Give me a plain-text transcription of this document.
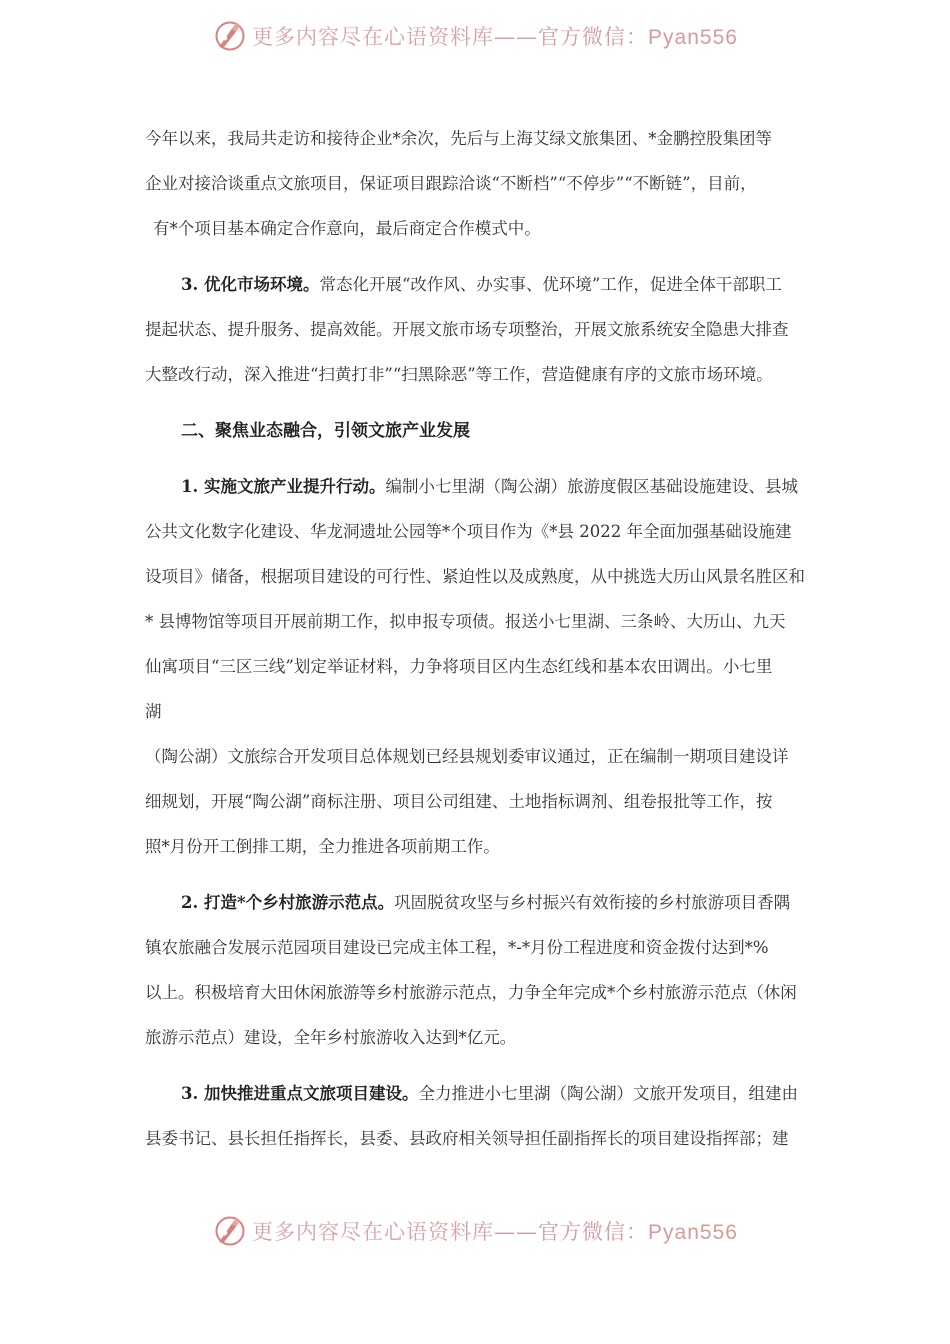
更多内容尽在心语资料库——官方微信：Pyan556
今年以来，我局共走访和接待企业*余次，先后与上海艾绿文旅集团、*金鹏控股集团等
企业对接洽谈重点文旅项目，保证项目跟踪洽谈“不断档”“不停步”“不断链”，目前，
有*个项目基本确定合作意向，最后商定合作模式中。
3. 优化市场环境。常态化开展“改作风、办实事、优环境”工作，促进全体干部职工
提起状态、提升服务、提高效能。开展文旅市场专项整治，开展文旅系统安全隐患大排查
大整改行动，深入推进“扫黄打非”“扫黑除恶”等工作，营造健康有序的文旅市场环境。
二、聚焦业态融合，引领文旅产业发展
1. 实施文旅产业提升行动。编制小七里湖（陶公湖）旅游度假区基础设施建设、县城
公共文化数字化建设、华龙洞遗址公园等*个项目作为《*县 2022 年全面加强基础设施建
设项目》储备，根据项目建设的可行性、紧迫性以及成熟度，从中挑选大历山风景名胜区和
* 县博物馆等项目开展前期工作，拟申报专项债。报送小七里湖、三条岭、大历山、九天
仙寓项目“三区三线”划定举证材料，力争将项目区内生态红线和基本农田调出。小七里
湖
（陶公湖）文旅综合开发项目总体规划已经县规划委审议通过，正在编制一期项目建设详
细规划，开展“陶公湖”商标注册、项目公司组建、土地指标调剂、组卷报批等工作，按
照*月份开工倒排工期，全力推进各项前期工作。
2. 打造*个乡村旅游示范点。巩固脱贫攻坚与乡村振兴有效衔接的乡村旅游项目香隅
镇农旅融合发展示范园项目建设已完成主体工程，*-*月份工程进度和资金拨付达到*%
以上。积极培育大田休闲旅游等乡村旅游示范点，力争全年完成*个乡村旅游示范点（休闲
旅游示范点）建设，全年乡村旅游收入达到*亿元。
3. 加快推进重点文旅项目建设。全力推进小七里湖（陶公湖）文旅开发项目，组建由
县委书记、县长担任指挥长，县委、县政府相关领导担任副指挥长的项目建设指挥部；建
更多内容尽在心语资料库——官方微信：Pyan556
